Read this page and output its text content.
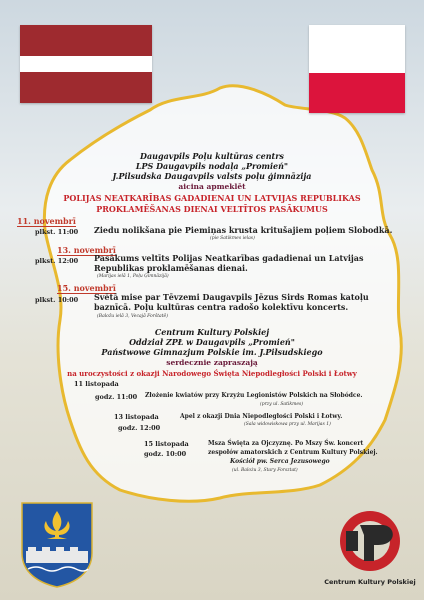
Daugavpils Poļu kultūras centrs
LPS Daugavpils nodaļa „Promień"
J.Pilsudska Daugavpils valsts poļu ģimnāzija
aicina apmeklēt
POLIJAS NEATKARĪBAS GADADIENAI UN LATVIJAS REPUBLIKAS
PROKLAMĒŠANAS DIENAI VELTĪTOS PASĀKUMUS
11. novembrī
plkst. 11:00 Ziedu nolikšana pie Piemiņas krusta kritušajiem poļiem Slobodkā.
(pie Satikmes ielas)
13. novembrī
plkst. 12:00 Pasākums veltīts Polijas Neatkarības gadadienai un Latvijas
Republikas proklamēšanas dienai.
(Marijas ielā 1, Poļu Ģimnāzijā)
15. novembrī
plkst. 10:00 Svētā mise par Tēvzemi Daugavpils Jēzus Sirds Romas katoļu
baznīcā. Poļu kultūras centra radošo kolektīvu koncerts.
(Baložu ielā 3, Vecajā Forštatē)
Centrum Kultury Polskiej
Oddział ZPŁ w Daugavpils „Promień"
Państwowe Gimnazjum Polskie im. J.Piłsudskiego
serdecznie zapraszają
na uroczystości z okazji Narodowego Święta Niepodległości Polski i Łotwy
11 listopada
godz. 11:00 Złożenie kwiatów przy Krzyżu Legionistów Polskich na Słobódce.
(przy ul. Satikmes)
13 listopada
godz. 12:00
Apel z okazji Dnia Niepodległości Polski i Łotwy.
(Sala widowiskowa przy ul. Marijas 1)
15 listopada
godz. 10:00
Msza Święta za Ojczyznę. Po Mszy Św. koncert
zespołów amatorskich z Centrum Kultury Polskiej.
Kościół pw. Serca Jezusowego
(ul. Balożu 3, Stary Forsztat)
Centrum Kultury Polskiej
